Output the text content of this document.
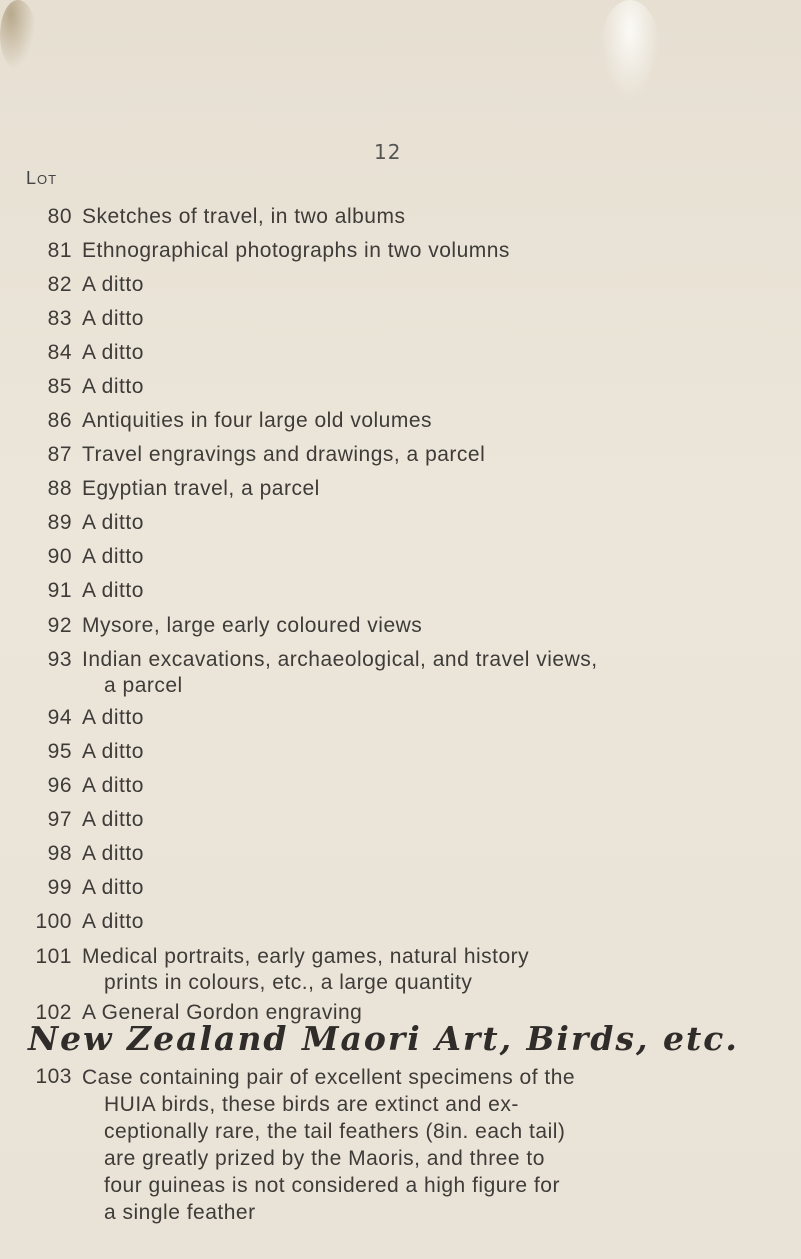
12
Lot
80 Sketches of travel, in two albums
81 Ethnographical photographs in two volumns
82 A ditto
83 A ditto
84 A ditto
85 A ditto
86 Antiquities in four large old volumes
87 Travel engravings and drawings, a parcel
88 Egyptian travel, a parcel
89 A ditto
90 A ditto
91 A ditto
92 Mysore, large early coloured views
93 Indian excavations, archaeological, and travel views,
a parcel
94 A ditto
95 A ditto
96 A ditto
97 A ditto
98 A ditto
99 A ditto
100 A ditto
101 Medical portraits, early games, natural history
prints in colours, etc., a large quantity
102 A General Gordon engraving
New Zealand Maori Art, Birds, etc.
103 Case containing pair of excellent specimens of the
HUIA birds, these birds are extinct and ex-
ceptionally rare, the tail feathers (8in. each tail)
are greatly prized by the Maoris, and three to
four guineas is not considered a high figure for
a single feather
